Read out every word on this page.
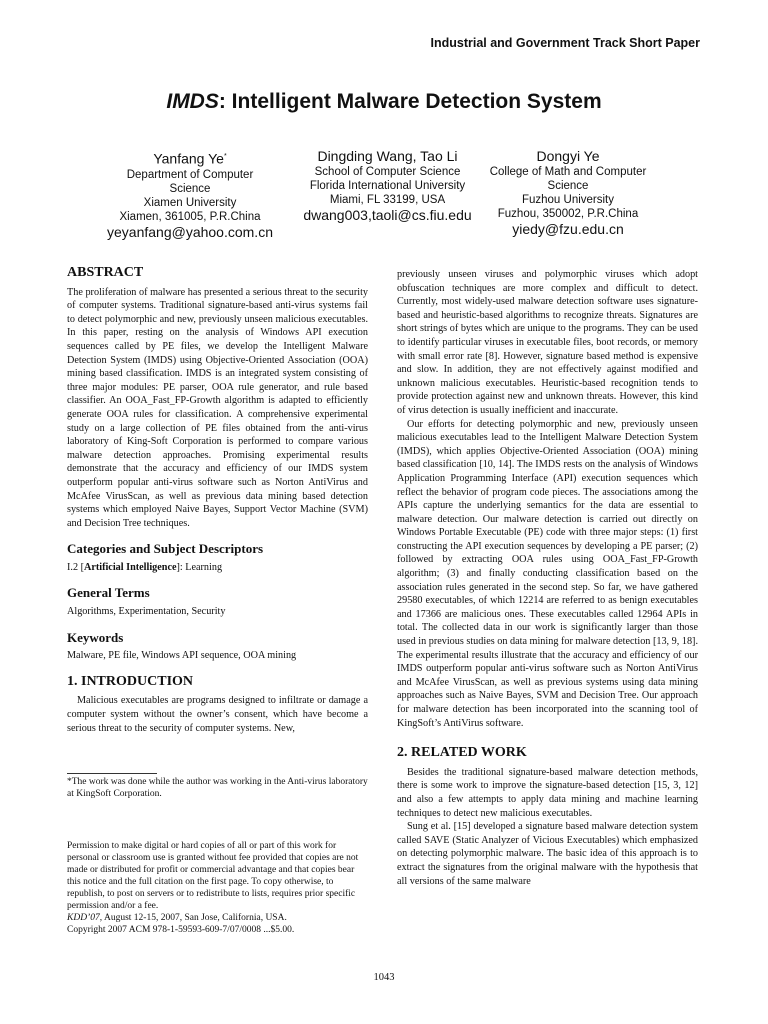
Industrial and Government Track Short Paper
IMDS: Intelligent Malware Detection System
Yanfang Ye*
Department of Computer Science
Xiamen University
Xiamen, 361005, P.R.China
yeyanfang@yahoo.com.cn
Dingding Wang, Tao Li
School of Computer Science
Florida International University
Miami, FL 33199, USA
dwang003,taoli@cs.fiu.edu
Dongyi Ye
College of Math and Computer Science
Fuzhou University
Fuzhou, 350002, P.R.China
yiedy@fzu.edu.cn
ABSTRACT

The proliferation of malware has presented a serious threat to the security of computer systems. Traditional signature-based anti-virus systems fail to detect polymorphic and new, previously unseen malicious executables. In this paper, resting on the analysis of Windows API execution sequences called by PE files, we develop the Intelligent Malware Detection System (IMDS) using Objective-Oriented Association (OOA) mining based classification. IMDS is an integrated system consisting of three major modules: PE parser, OOA rule generator, and rule based classifier. An OOA_Fast_FP-Growth algorithm is adapted to efficiently generate OOA rules for classification. A comprehensive experimental study on a large collection of PE files obtained from the anti-virus laboratory of King-Soft Corporation is performed to compare various malware detection approaches. Promising experimental results demonstrate that the accuracy and efficiency of our IMDS system outperform popular anti-virus software such as Norton AntiVirus and McAfee VirusScan, as well as previous data mining based detection systems which employed Naive Bayes, Support Vector Machine (SVM) and Decision Tree techniques.

Categories and Subject Descriptors

I.2 [Artificial Intelligence]: Learning

General Terms

Algorithms, Experimentation, Security

Keywords

Malware, PE file, Windows API sequence, OOA mining

1. INTRODUCTION

Malicious executables are programs designed to infiltrate or damage a computer system without the owner’s consent, which have become a serious threat to the security of computer systems. New,

*The work was done while the author was working in the Anti-virus laboratory at KingSoft Corporation.

Permission to make digital or hard copies of all or part of this work for personal or classroom use is granted without fee provided that copies are not made or distributed for profit or commercial advantage and that copies bear this notice and the full citation on the first page. To copy otherwise, to republish, to post on servers or to redistribute to lists, requires prior specific permission and/or a fee.

KDD’07, August 12-15, 2007, San Jose, California, USA.

Copyright 2007 ACM 978-1-59593-609-7/07/0008 ...$5.00.

previously unseen viruses and polymorphic viruses which adopt obfuscation techniques are more complex and difficult to detect. Currently, most widely-used malware detection software uses signature-based and heuristic-based algorithms to recognize threats. Signatures are short strings of bytes which are unique to the programs. They can be used to identify particular viruses in executable files, boot records, or memory with small error rate [8]. However, signature based method is expensive and slow. In addition, they are not effectively against modified and unknown malicious executables. Heuristic-based recognition tends to provide protection against new and unknown threats. However, this kind of virus detection is usually inefficient and inaccurate.

Our efforts for detecting polymorphic and new, previously unseen malicious executables lead to the Intelligent Malware Detection System (IMDS), which applies Objective-Oriented Association (OOA) mining based classification [10, 14]. The IMDS rests on the analysis of Windows Application Programming Interface (API) execution sequences which reflect the behavior of program code pieces. The associations among the APIs capture the underlying semantics for the data are essential to malware detection. Our malware detection is carried out directly on Windows Portable Executable (PE) code with three major steps: (1) first constructing the API execution sequences by developing a PE parser; (2) followed by extracting OOA rules using OOA_Fast_FP-Growth algorithm; (3) and finally conducting classification based on the association rules generated in the second step. So far, we have gathered 29580 executables, of which 12214 are referred to as benign executables and 17366 are malicious ones. These executables called 12964 APIs in total. The collected data in our work is significantly larger than those used in previous studies on data mining for malware detection [13, 9, 18]. The experimental results illustrate that the accuracy and efficiency of our IMDS outperform popular anti-virus software such as Norton AntiVirus and McAfee VirusScan, as well as previous systems using data mining approaches such as Naive Bayes, SVM and Decision Tree. Our approach for malware detection has been incorporated into the scanning tool of KingSoft’s AntiVirus software.

2. RELATED WORK

Besides the traditional signature-based malware detection methods, there is some work to improve the signature-based detection [15, 3, 12] and also a few attempts to apply data mining and machine learning techniques to detect new malicious executables.

Sung et al. [15] developed a signature based malware detection system called SAVE (Static Analyzer of Vicious Executables) which emphasized on detecting polymorphic malware. The basic idea of this approach is to extract the signatures from the original malware with the hypothesis that all versions of the same malware

1043
